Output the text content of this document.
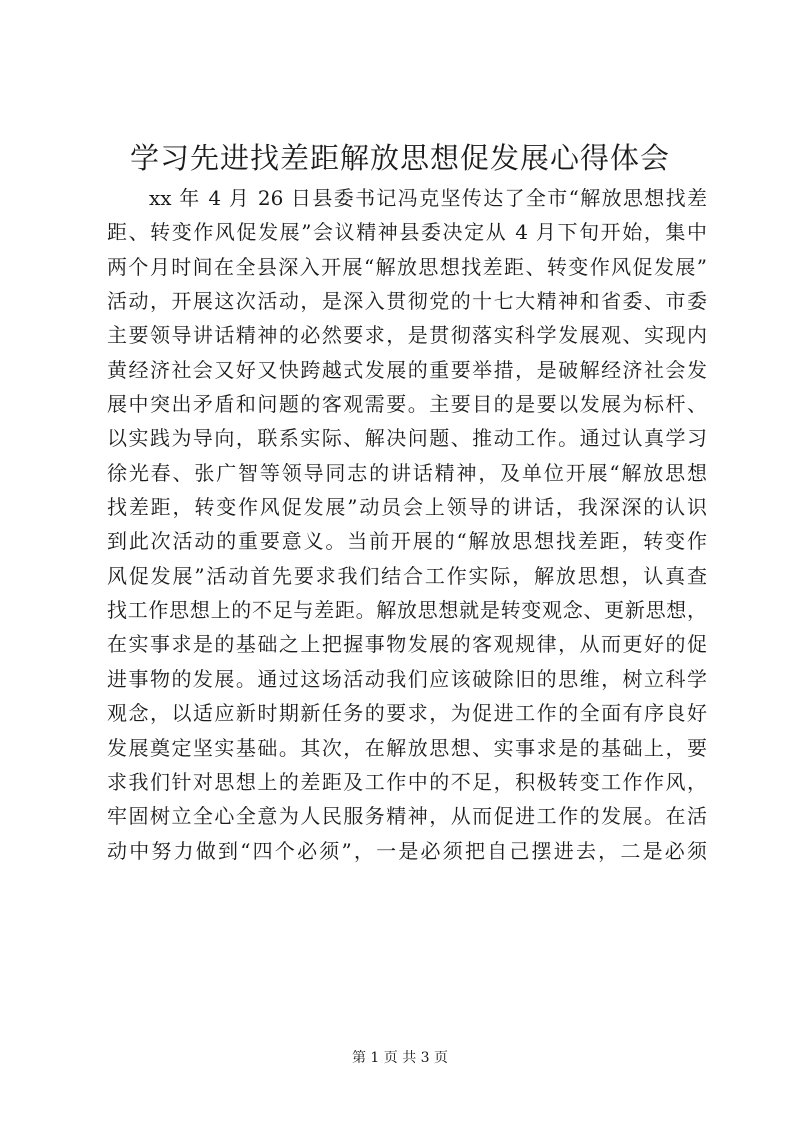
学习先进找差距解放思想促发展心得体会
xx 年 4 月 26 日县委书记冯克坚传达了全市“解放思想找差
距、转变作风促发展”会议精神县委决定从 4 月下旬开始，集中
两个月时间在全县深入开展“解放思想找差距、转变作风促发展”
活动，开展这次活动，是深入贯彻党的十七大精神和省委、市委
主要领导讲话精神的必然要求，是贯彻落实科学发展观、实现内
黄经济社会又好又快跨越式发展的重要举措，是破解经济社会发
展中突出矛盾和问题的客观需要。主要目的是要以发展为标杆、
以实践为导向，联系实际、解决问题、推动工作。通过认真学习
徐光春、张广智等领导同志的讲话精神，及单位开展“解放思想
找差距，转变作风促发展”动员会上领导的讲话，我深深的认识
到此次活动的重要意义。当前开展的“解放思想找差距，转变作
风促发展”活动首先要求我们结合工作实际，解放思想，认真查
找工作思想上的不足与差距。解放思想就是转变观念、更新思想，
在实事求是的基础之上把握事物发展的客观规律，从而更好的促
进事物的发展。通过这场活动我们应该破除旧的思维，树立科学
观念，以适应新时期新任务的要求，为促进工作的全面有序良好
发展奠定坚实基础。其次，在解放思想、实事求是的基础上，要
求我们针对思想上的差距及工作中的不足，积极转变工作作风，
牢固树立全心全意为人民服务精神，从而促进工作的发展。在活
动中努力做到“四个必须”，一是必须把自己摆进去，二是必须
第 1 页 共 3 页
